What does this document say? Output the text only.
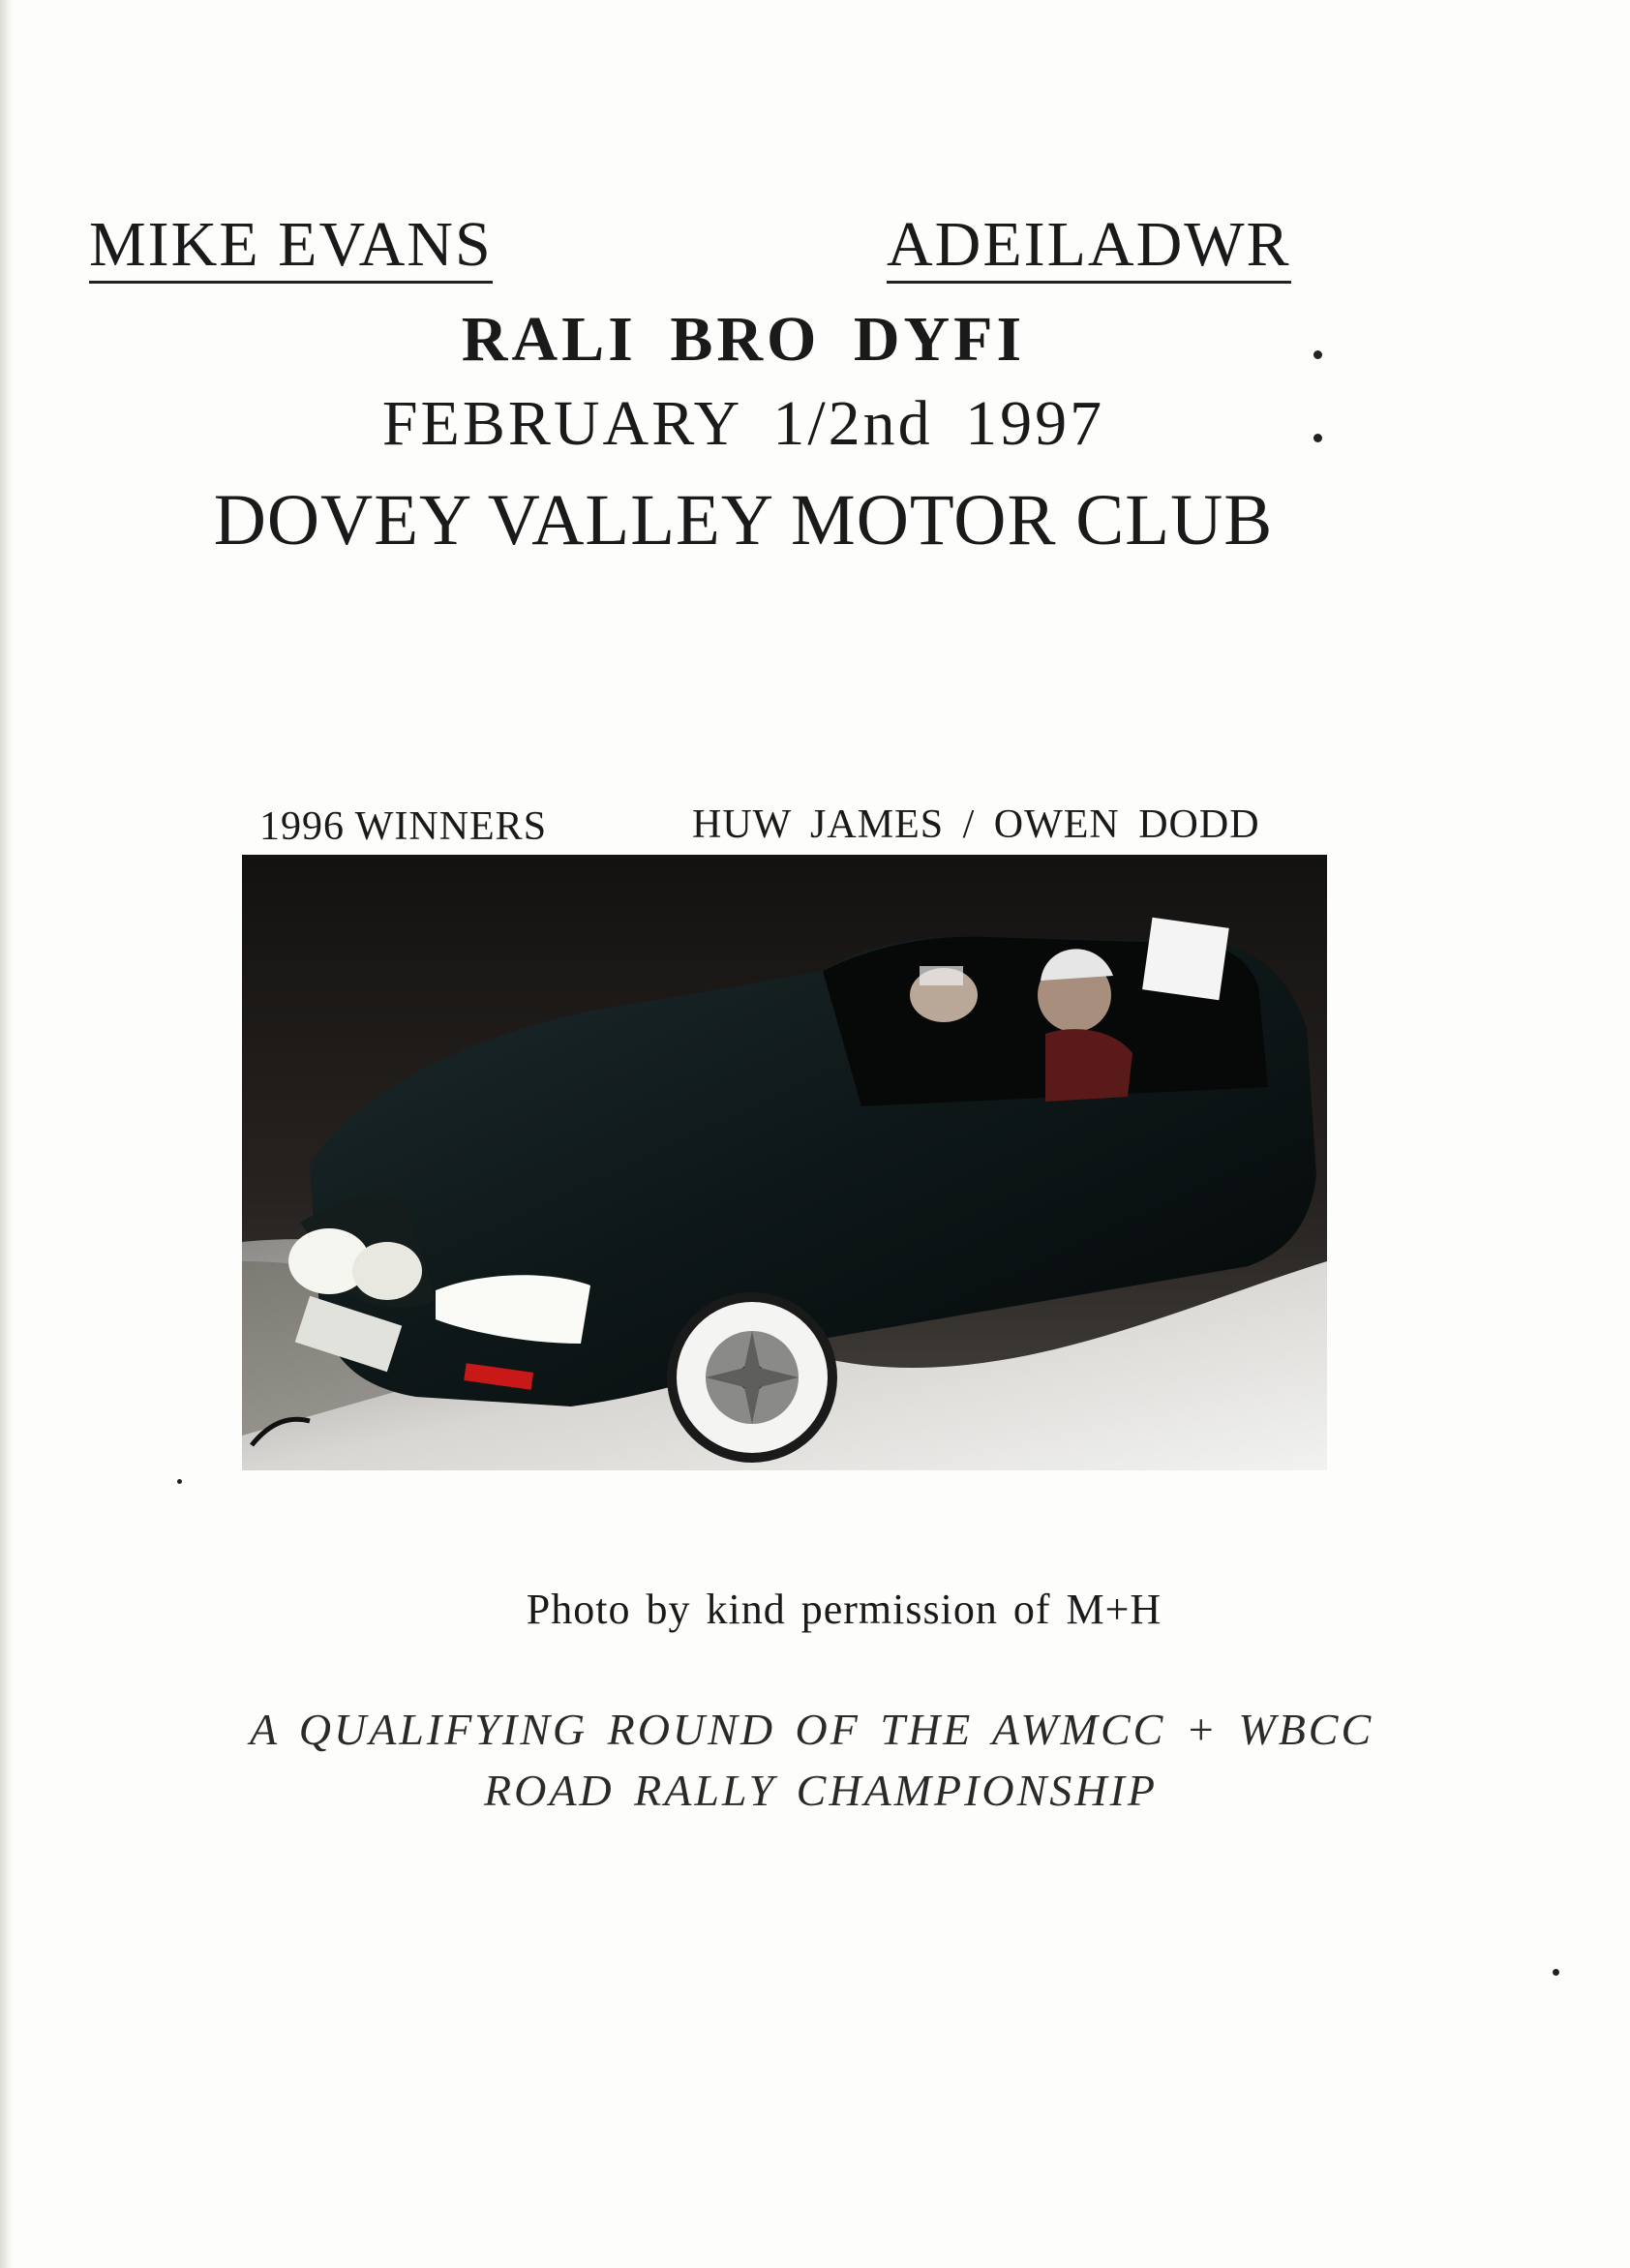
MIKE EVANS	ADEILADWR
RALI BRO DYFI
FEBRUARY 1/2nd 1997
DOVEY VALLEY MOTOR CLUB
1996 WINNERS	HUW JAMES / OWEN DODD
Photo by kind permission of M+H
A QUALIFYING ROUND OF THE AWMCC + WBCC
ROAD RALLY CHAMPIONSHIP
